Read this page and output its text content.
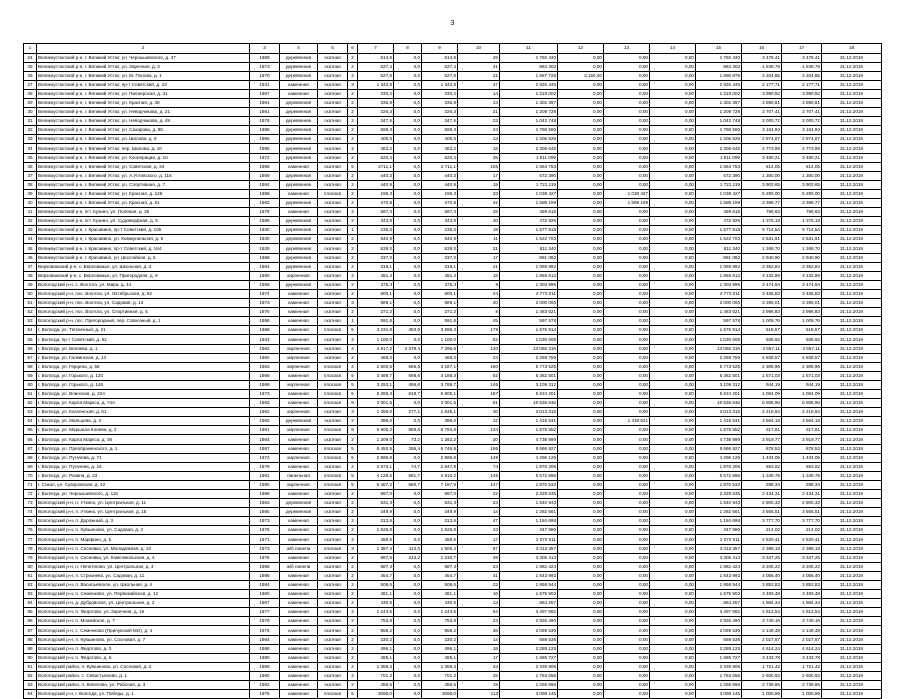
3
1	2	3	4	5	6	7	8	9	10	11	12	13	14	15	16	17	18
24	Великоустюгский р-н, г. Великий Устюг, ул. Чернышевского, д. 37	1969	деревянная	скатная	2	514,6	0,0	514,6	25	1 750 430	0,00	0,00	0,00	1 750 430	3 478,41	3 478,41	31.12.2019
25	Великоустюгский р-н, г. Великий Устюг, ул. Заречная, д. 3	1973	деревянная	скатная	2	527,4	0,0	527,4	41	864 303	0,00	0,00	0,00	864 303	1 639,78	1 639,78	31.12.2019
26	Великоустюгский р-н, г. Великий Устюг, ул. М. Попова, д. 1	1970	деревянная	скатная	2	527,6	0,0	527,6	21	1 687 728	3 150,40	0,00	0,00	1 690 878	3 204,85	3 204,85	31.12.2019
27	Великоустюгский р-н, г. Великий Устюг, пр-т Советский, д. 23	1931	каменная	скатная	3	1 342,8	0,0	1 342,8	47	2 926 346	0,00	0,00	0,00	2 926 346	2 177,71	2 177,71	31.12.2019
28	Великоустюгский р-н, г. Великий Устюг, ул. Пионерская, д. 31	1967	каменная	скатная	2	330,2	0,0	330,2	14	1 318 002	0,00	0,00	0,00	1 318 002	3 990,92	3 990,92	31.12.2019
29	Великоустюгский р-н, г. Великий Устюг, ул. Красная, д. 38	1961	деревянная	скатная	2	335,8	0,0	335,8	13	1 302 397	0,00	0,00	0,00	1 302 397	3 880,81	3 880,81	31.12.2019
30	Великоустюгский р-н, г. Великий Устюг, ул. Неводчикова, д. 21	1961	деревянная	скатная	2	326,3	0,0	326,3	21	1 209 728	0,00	0,00	0,00	1 209 728	3 707,41	3 707,41	31.12.2019
31	Великоустюгский р-н, г. Великий Устюг, ул. Неводчикова, д. 49	1976	деревянная	скатная	2	347,6	0,0	347,6	23	1 042 748	0,00	0,00	0,00	1 042 748	3 000,72	3 000,72	31.12.2019
32	Великоустюгский р-н, г. Великий Устюг, ул. Сахарова, д. 88	1988	деревянная	скатная	2	568,3	0,0	568,3	24	1 798 565	0,00	0,00	0,00	1 798 565	3 164,84	3 164,84	31.12.2019
33	Великоустюгский р-н, г. Великий Устюг, ул. Шилова, д. 5	1966	деревянная	скатная	2	405,6	0,0	405,6	13	1 206 526	0,00	0,00	0,00	1 206 526	2 974,67	2 974,67	31.12.2019
34	Великоустюгский р-н, г. Великий Устюг, пер. Шилова, д. 10	1986	деревянная	скатная	2	483,2	0,0	483,2	18	2 306 645	0,00	0,00	0,00	2 306 645	4 773,69	4 773,69	31.12.2019
35	Великоустюгский р-н, г. Великий Устюг, ул. Кооперации, д. 10	1972	деревянная	скатная	2	520,4	0,0	520,4	35	1 811 099	0,00	0,00	0,00	1 811 099	3 480,21	3 480,21	31.12.2019
36	Великоустюгский р-н, г. Великий Устюг, ул. Советская, д. 34	1986	каменная	скатная	5	2711,1	0,0	2 711,1	106	1 664 753	0,00	0,00	0,00	1 664 753	614,05	614,05	31.12.2019
37	Великоустюгский р-н, г. Великий Устюг, ул. А.Угловского, д. 116	1959	деревянная	скатная	2	440,3	0,0	440,3	17	572 390	0,00	0,00	0,00	572 390	1 300,00	1 300,00	31.12.2019
38	Великоустюгский р-н, г. Великий Устюг, ул. Спортивная, д. 7	1964	деревянная	скатная	2	440,9	0,0	440,9	19	1 721 119	0,00	0,00	0,00	1 721 119	3 903,65	3 903,65	31.12.2019
39	Великоустюгский р-н, г. Великий Устюг, ул. Красная, д. 126	1986	каменная	плоская	2	196,3	0,0	196,3	33	1 038 427	0,00	1 038 427	0,00	1 038 427	5 290,00	5 290,00	31.12.2019
40	Великоустюгский р-н, г. Великий Устюг, ул. Красная, д. 61	1963	деревянная	скатная	2	470,8	0,0	470,8	42	1 599 199	0,00	1 599 199	0,00	1 599 199	3 396,77	3 396,77	31.12.2019
41	Великоустюгский р-н, пгт. Кузино, ул. Полевая, д. 26	1978	каменная	скатная	2	587,3	0,0	587,3	28	469 619	0,00	0,00	0,00	469 619	799,63	799,63	31.12.2019
42	Великоустюгский р-н, пгт. Кузино, ул. Судоверфная, д. 5	1988	деревянная	скатная	2	343,9	0,0	343,9	20	472 925	0,00	0,00	0,00	472 925	1 375,18	1 375,18	31.12.2019
43	Великоустюгский р-н, г. Красавино, пр-т Советский, д. 105	1930	деревянная	скатная	1	235,0	0,0	235,0	18	1 577 918	0,00	0,00	0,00	1 577 918	6 714,54	6 714,54	31.12.2019
44	Великоустюгский р-н, г. Красавино, ул. Коммунальная, д. 6	1930	деревянная	скатная	2	640,9	0,0	640,9	11	1 622 703	0,00	0,00	0,00	1 622 703	2 531,91	2 531,91	31.12.2019
45	Великоустюгский р-н, г. Красавино, пр-т Советский, д. 164	1928	деревянная	скатная	2	639,0	0,0	639,0	31	811 340	0,00	0,00	0,00	811 340	1 269,70	1 269,70	31.12.2019
46	Великоустюгский р-н, г. Красавино, ул. Шоссейная, д. 5	1968	деревянная	скатная	2	337,0	0,0	337,0	17	991 082	0,00	0,00	0,00	991 082	2 940,90	2 940,90	31.12.2019
47	Верховажский р-н, с. Верховажье, ул. Школьная, д. 3	1964	деревянная	скатная	2	319,1	0,0	319,1	21	1 069 892	0,00	0,00	0,00	1 069 892	3 352,84	3 352,84	31.12.2019
48	Верховажский р-н, с. Верховажье, ул. Пригородная, д. 9	1990	кирпичная	скатная	2	451,4	0,0	451,4	18	1 865 613	0,00	0,00	0,00	1 865 613	4 132,99	4 132,99	31.12.2019
49	Вологодский р-н, с. Вохтога, ул. Мира, д. 14	1958	деревянная	скатная	2	375,3	0,0	375,3	8	1 303 996	0,00	0,00	0,00	1 303 996	3 474,54	3 474,54	31.12.2019
50	Вологодский р-н, пос. Вохтога, ул. Октябрьская, д. 52	1974	каменная	скатная	2	800,1	0,0	800,1	24	2 773 011	0,00	0,00	0,00	2 773 011	3 465,83	3 465,83	31.12.2019
51	Вологодский р-н, пос. Вохтога, ул. Садовая, д. 13	1973	каменная	скатная	3	589,1	0,0	589,1	20	2 000 000	0,00	0,00	0,00	2 000 000	3 395,01	3 395,01	31.12.2019
52	Вологодский р-н, пос. Вохтога, ул. Спортивная, д. 5	1975	каменная	скатная	2	371,2	0,0	371,2	8	1 483 621	0,00	0,00	0,00	1 483 621	3 996,83	3 996,83	31.12.2019
53	Вологодский р-н, пос. Пригородный, пер. Совхозный, д. 1	1958	каменная	скатная	1	591,8	0,0	591,8	45	597 578	0,00	0,00	0,00	597 578	1 009,76	1 009,76	31.12.2019
54	г. Вологда, ул. Тепличный, д. 21	1968	каменная	плоская	5	3 231,8	463,5	3 695,3	178	1 675 914	0,00	0,00	0,00	1 675 914	518,57	518,57	31.12.2019
55	г. Вологда, пр-т Советский, д. 62	1933	каменная	скатная	2	1 100,0	0,0	1 100,0	52	1 030 609	0,00	0,00	0,00	1 030 609	936,92	936,92	31.12.2019
56	г. Вологда, ул. Беляева, д. 1	1962	кирпичная	скатная	4	4 917,2	2 379,4	7 296,6	130	13 065 316	0,00	0,00	0,00	13 065 316	2 657,11	2 657,11	31.12.2019
57	г. Вологда, ул. Галкинская, д. 13	1950	кирпичная	скатная	2	469,0	0,0	469,0	23	2 269 759	0,00	0,00	0,00	2 269 759	4 839,57	4 839,57	31.12.2019
58	г. Вологда, ул. Герцена, д. 56	1963	кирпичная	плоская	4	2 500,5	686,6	3 187,1	180	5 773 525	0,00	0,00	0,00	5 773 525	2 308,95	2 308,95	31.12.2019
59	г. Вологда, ул. Горького, д. 120	1968	каменная	плоская	5	3 489,7	698,6	4 188,3	52	5 482 501	0,00	0,00	0,00	5 482 501	1 571,03	1 571,03	31.12.2019
60	г. Вологда, ул. Горького, д. 148	1969	кирпичная	плоская	5	3 293,1	496,6	3 789,7	146	3 109 312	0,00	0,00	0,00	3 109 312	944,19	944,19	31.12.2019
61	г. Вологда, ул. Воинская, д. 22А	1973	каменная	плоская	5	5 285,4	619,7	5 905,1	187	5 624 201	0,00	0,00	0,00	5 624 201	1 064,09	1 064,09	31.12.2019
62	г. Вологда, ул. Карла Маркса, д. 74А	1983	каменная	плоская	9	3 001,5	0,0	3 001,5	81	19 536 646	0,00	0,00	0,00	19 536 646	6 508,96	6 508,96	31.12.2019
63	г. Вологда, ул. Козленская, д. 61	1952	кирпичная	скатная	3	1 358,0	277,1	1 635,1	30	3 013 315	0,00	0,00	0,00	3 013 315	2 218,94	2 218,94	31.12.2019
64	г. Вологда, ул. Мальцева, д. 3	1960	деревянная	скатная	2	398,0	0,0	398,0	12	1 418 531	0,00	1 418 531	0,00	1 418 531	3 564,15	3 564,15	31.12.2019
65	г. Вологда, ул. Маршала Конева, д. 2	1991	кирпичная	плоская	9	5 905,2	889,6	6 794,8	134	1 875 552	0,00	0,00	0,00	1 875 552	317,61	317,61	31.12.2019
66	г. Вологда, ул. Карла Маркса, д. 36	1964	каменная	скатная	2	1 209,0	73,2	1 282,2	30	4 738 999	0,00	0,00	0,00	4 738 999	3 919,77	3 919,77	31.12.2019
67	г. Вологда, ул. Преображенского, д. 1	1987	каменная	плоская	5	6 450,5	296,4	6 746,9	186	5 666 927	0,00	0,00	0,00	5 666 927	878,53	878,53	31.12.2019
68	г. Вологда, ул. Пугачева, д. 71	1972	кирпичная	плоская	5	2 995,8	0,0	2 995,8	149	4 296 125	0,00	0,00	0,00	4 296 125	1 434,05	1 434,05	31.12.2019
69	г. Вологда, ул. Пугачева, д. 16	1978	каменная	скатная	2	2 873,1	74,7	2 947,8	74	1 876 206	0,00	0,00	0,00	1 876 206	653,02	653,02	31.12.2019
70	г. Вологда, ул. Разина, д. 23	1981	панельная	плоская	5	4 128,5	681,7	4 810,2	145	5 572 596	0,00	0,00	0,00	5 572 596	1 349,78	1 349,78	31.12.2019
71	г. Сокол, ул. Суворовская, д. 42	1990	кирпичная	плоская	5	6 487,2	680,7	7 167,9	127	1 870 532	0,00	0,00	0,00	1 870 532	288,34	288,34	31.12.2019
72	г. Вологда, ул. Чернышевского, д. 115	1968	каменная	скатная	2	957,0	0,0	957,0	22	2 329 635	0,00	0,00	0,00	2 329 635	2 434,31	2 434,31	31.12.2019
73	Вологодский р-н, п. Уткино, ул. Центральная, д. 11	1963	деревянная	скатная	2	531,3	0,0	531,3	23	1 540 943	0,00	0,00	0,00	1 540 943	2 900,32	2 900,32	31.12.2019
74	Вологодский р-н, п. Уткино, ул. Центральная, д. 15	1965	деревянная	скатная	2	349,9	0,0	349,9	14	1 282 561	0,00	0,00	0,00	1 282 561	3 665,51	3 665,51	31.12.2019
75	Вологодский р-н, п. Дорожный, д. 3	1973	каменная	скатная	2	313,6	0,0	313,6	47	1 184 698	0,00	0,00	0,00	1 184 698	3 777,70	3 777,70	31.12.2019
76	Вологодский р-н, п. Кувшиново, ул. Садовая, д. 2	1976	каменная	скатная	2	1 625,9	0,0	1 625,9	43	347 986	0,00	0,00	0,00	347 986	214,02	214,02	31.12.2019
77	Вологодский р-н, п. Марфино, д. 5	1971	каменная	скатная	2	458,5	0,0	458,5	17	2 072 611	0,00	0,00	0,00	2 072 611	4 520,41	4 520,41	31.12.2019
78	Вологодский р-н, п. Сосновка, ул. Молодежная, д. 10	1973	ж/б панели	плоская	3	1 387,4	113,0	1 500,4	67	3 313 357	0,00	0,00	0,00	3 313 357	2 388,18	2 388,18	31.12.2019
79	Вологодский р-н, п. Сосновка, ул. Комсомольская, д. 4	1976	каменная	скатная	2	987,5	243,2	1 230,7	48	3 305 413	0,00	0,00	0,00	3 305 413	3 347,25	3 347,25	31.12.2019
80	Вологодский р-н, п. Непотягово, ул. Центральная, д. 4	1986	ж/б панели	скатная	2	587,3	0,0	587,3	23	1 882 424	0,00	0,00	0,00	1 882 424	3 205,22	3 205,22	31.12.2019
81	Вологодский р-н, п. Стризнево, ул. Садовая, д. 11	1988	каменная	скатная	2	454,7	0,0	454,7	31	1 843 992	0,00	0,00	0,00	1 843 992	4 055,40	4 055,40	31.12.2019
82	Вологодский р-н, п. Васильевское, ул. Школьная, д. 4	1984	каменная	скатная	2	508,6	0,0	508,6	22	1 959 544	0,00	0,00	0,00	1 959 544	3 852,83	3 852,83	31.12.2019
83	Вологодский р-н, п. Семенково, ул. Первомайская, д. 12	1960	каменная	скатная	2	481,1	0,0	481,1	16	1 675 903	0,00	0,00	0,00	1 675 903	3 483,48	3 483,48	31.12.2019
84	Вологодский р-н, д. Дубровское, ул. Центральная, д. 2	1967	каменная	скатная	2	430,5	0,0	430,5	13	854 257	0,00	0,00	0,00	854 257	1 984,34	1 984,34	31.12.2019
85	Вологодский р-н, п. Федотово, ул. Заречная, д. 16	1977	каменная	скатная	2	1 243,6	0,0	1 243,6	54	3 497 682	0,00	0,00	0,00	3 497 682	2 812,54	2 812,54	31.12.2019
86	Вологодский р-н, п. Можайское, д. 7	1976	каменная	скатная	2	753,9	0,0	753,9	23	2 826 490	0,00	0,00	0,00	2 826 490	3 749,16	3 749,16	31.12.2019
87	Вологодский р-н, с. Семенково (Прилукский МО), д. 4	1975	каменная	скатная	2	958,2	0,0	958,2	36	2 059 635	0,00	0,00	0,00	2 059 635	2 149,48	2 149,48	31.12.2019
88	Вологодский р-н, п. Кувшиново, ул. Сосновая, д. 7	1964	каменная	скатная	2	330,2	0,0	330,2	14	669 536	0,00	0,00	0,00	669 536	2 027,67	2 027,67	31.12.2019
89	Вологодский р-н, п. Федотово, д. 3	1986	каменная	скатная	2	496,1	0,0	496,1	18	2 289 125	0,00	0,00	0,00	2 289 125	4 614,24	4 614,24	31.12.2019
90	Вологодский р-н, п. Федотово, д. 6	1990	каменная	скатная	2	485,1	0,0	485,1	17	1 665 727	0,00	0,00	0,00	1 665 727	3 433,78	3 433,78	31.12.2019
91	Вологодский район, п. Кувшиново, ул. Сосновая, д. 2	1958	каменная	скатная	2	1 359,3	0,0	1 359,3	43	2 339 906	0,00	0,00	0,00	2 339 906	1 721,42	1 721,42	31.12.2019
92	Вологодский район, с. Севастьяново, д. 1	1960	каменная	скатная	2	701,2	0,0	701,2	25	1 753 656	0,00	0,00	0,00	1 753 656	2 500,93	2 500,93	31.12.2019
93	Вологодский район, п. Кипелово, ул. Рабочая, д. 3	1982	каменная	скатная	2	459,5	0,0	459,5	19	1 258 866	0,00	0,00	0,00	1 258 866	2 739,65	2 739,65	31.12.2019
94	Вологодский р-н, г. Вологда, ул. Победы, д. 1	1975	каменная	плоская	5	3096,0	0,0	3096,0	113	3 098 145	0,00	0,00	0,00	3 098 145	1 000,69	1 000,69	31.12.2019
